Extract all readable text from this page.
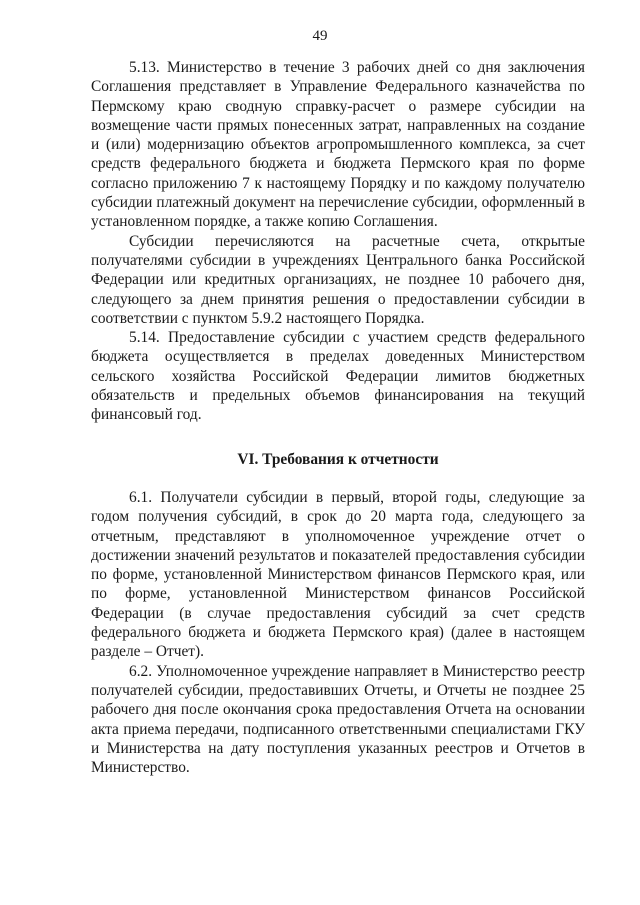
49

5.13. Министерство в течение 3 рабочих дней со дня заключения Соглашения представляет в Управление Федерального казначейства по Пермскому краю сводную справку-расчет о размере субсидии на возмещение части прямых понесенных затрат, направленных на создание и (или) модернизацию объектов агропромышленного комплекса, за счет средств федерального бюджета и бюджета Пермского края по форме согласно приложению 7 к настоящему Порядку и по каждому получателю субсидии платежный документ на перечисление субсидии, оформленный в установленном порядке, а также копию Соглашения.

Субсидии перечисляются на расчетные счета, открытые получателями субсидии в учреждениях Центрального банка Российской Федерации или кредитных организациях, не позднее 10 рабочего дня, следующего за днем принятия решения о предоставлении субсидии в соответствии с пунктом 5.9.2 настоящего Порядка.

5.14. Предоставление субсидии с участием средств федерального бюджета осуществляется в пределах доведенных Министерством сельского хозяйства Российской Федерации лимитов бюджетных обязательств и предельных объемов финансирования на текущий финансовый год.

VI. Требования к отчетности

6.1. Получатели субсидии в первый, второй годы, следующие за годом получения субсидий, в срок до 20 марта года, следующего за отчетным, представляют в уполномоченное учреждение отчет о достижении значений результатов и показателей предоставления субсидии по форме, установленной Министерством финансов Пермского края, или по форме, установленной Министерством финансов Российской Федерации (в случае предоставления субсидий за счет средств федерального бюджета и бюджета Пермского края) (далее в настоящем разделе – Отчет).

6.2. Уполномоченное учреждение направляет в Министерство реестр получателей субсидии, предоставивших Отчеты, и Отчеты не позднее 25 рабочего дня после окончания срока предоставления Отчета на основании акта приема передачи, подписанного ответственными специалистами ГКУ и Министерства на дату поступления указанных реестров и Отчетов в Министерство.
